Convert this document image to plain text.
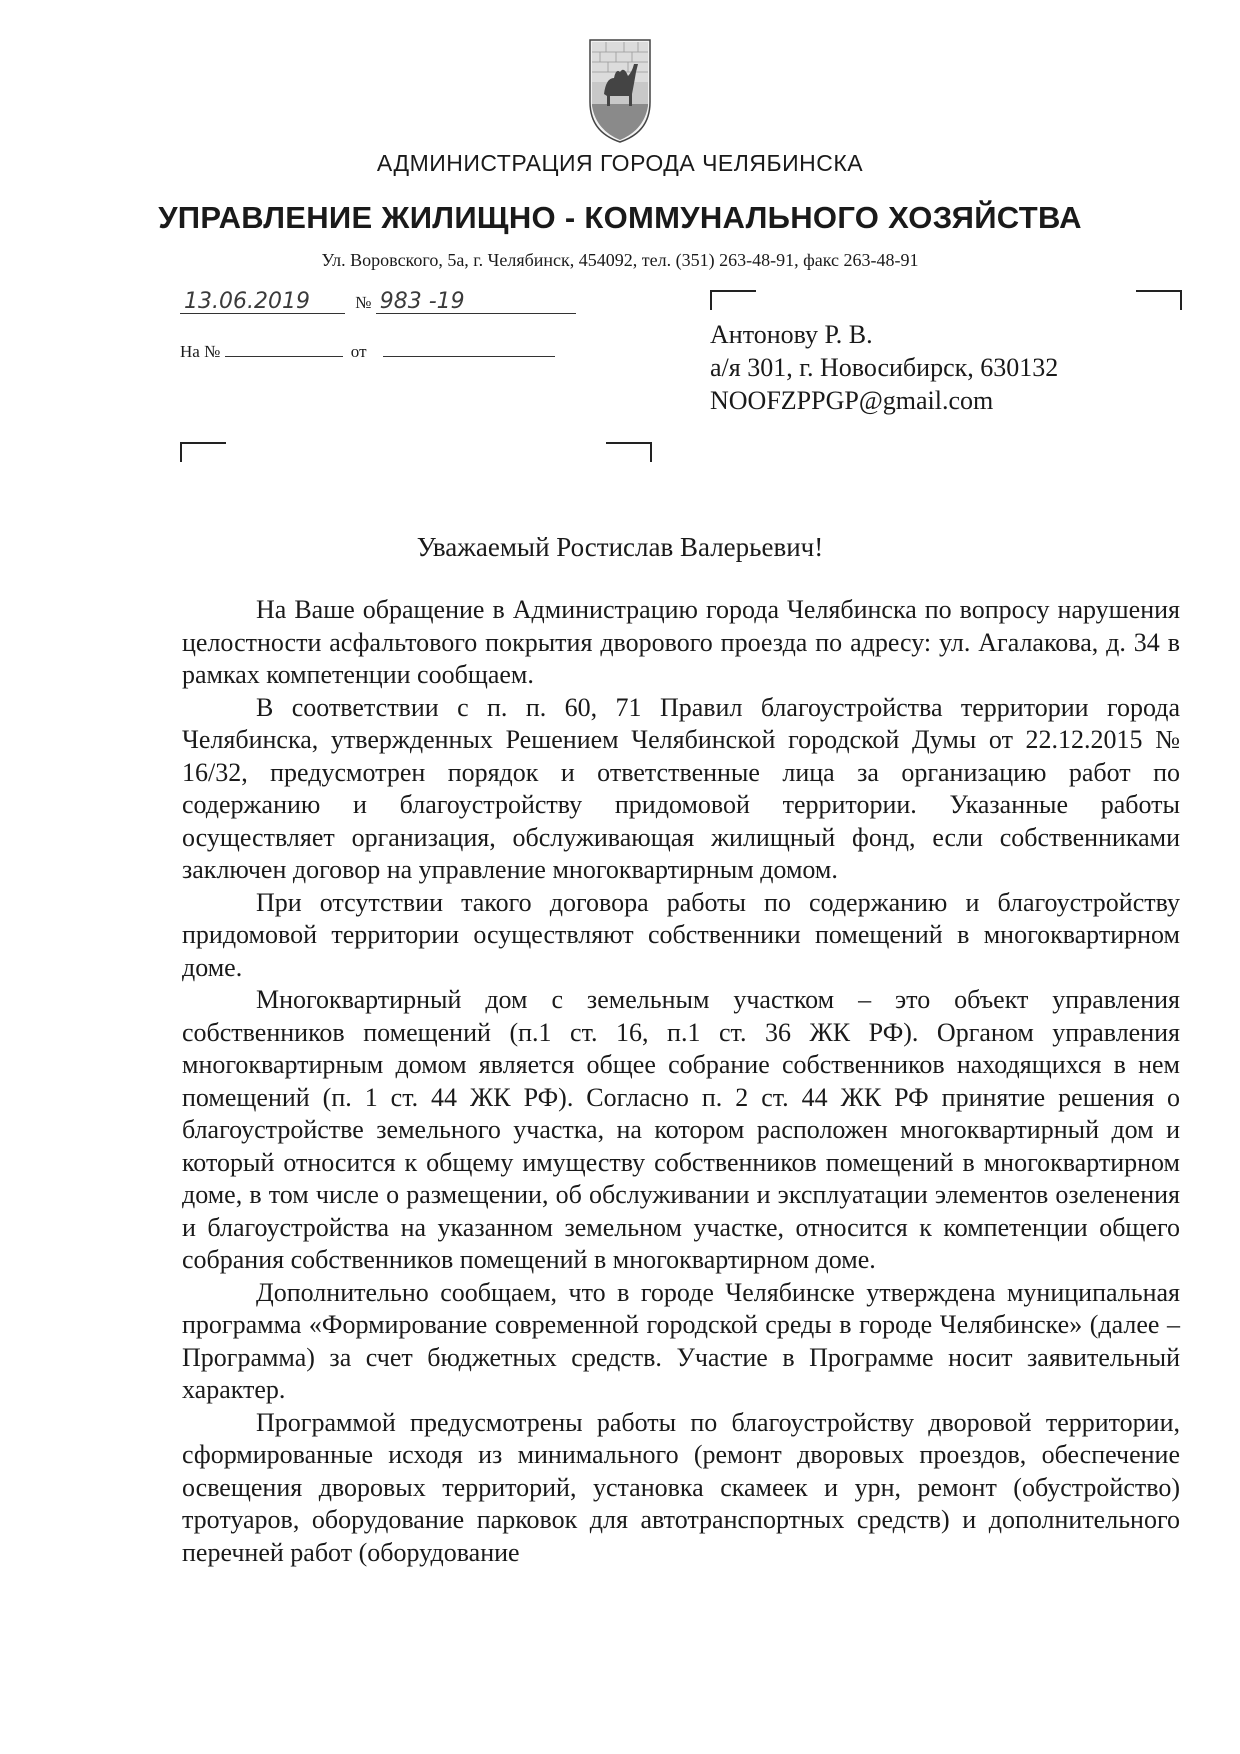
АДМИНИСТРАЦИЯ ГОРОДА ЧЕЛЯБИНСКА
УПРАВЛЕНИЕ ЖИЛИЩНО - КОММУНАЛЬНОГО ХОЗЯЙСТВА
Ул. Воровского, 5а, г. Челябинск, 454092, тел. (351) 263-48-91, факс 263-48-91
13.06.2019	№ 983 -19
На №	от
Антонову Р. В.
а/я 301, г. Новосибирск, 630132
NOOFZPPGP@gmail.com
Уважаемый Ростислав Валерьевич!

На Ваше обращение в Администрацию города Челябинска по вопросу нарушения целостности асфальтового покрытия дворового проезда по адресу: ул. Агалакова, д. 34 в рамках компетенции сообщаем.

В соответствии с п. п. 60, 71 Правил благоустройства территории города Челябинска, утвержденных Решением Челябинской городской Думы от 22.12.2015 № 16/32, предусмотрен порядок и ответственные лица за организацию работ по содержанию и благоустройству придомовой территории. Указанные работы осуществляет организация, обслуживающая жилищный фонд, если собственниками заключен договор на управление многоквартирным домом.

При отсутствии такого договора работы по содержанию и благоустройству придомовой территории осуществляют собственники помещений в многоквартирном доме.

Многоквартирный дом с земельным участком – это объект управления собственников помещений (п.1 ст. 16, п.1 ст. 36 ЖК РФ). Органом управления многоквартирным домом является общее собрание собственников находящихся в нем помещений (п. 1 ст. 44 ЖК РФ). Согласно п. 2 ст. 44 ЖК РФ принятие решения о благоустройстве земельного участка, на котором расположен многоквартирный дом и который относится к общему имуществу собственников помещений в многоквартирном доме, в том числе о размещении, об обслуживании и эксплуатации элементов озеленения и благоустройства на указанном земельном участке, относится к компетенции общего собрания собственников помещений в многоквартирном доме.

Дополнительно сообщаем, что в городе Челябинске утверждена муниципальная программа «Формирование современной городской среды в городе Челябинске» (далее – Программа) за счет бюджетных средств. Участие в Программе носит заявительный характер.

Программой предусмотрены работы по благоустройству дворовой территории, сформированные исходя из минимального (ремонт дворовых проездов, обеспечение освещения дворовых территорий, установка скамеек и урн, ремонт (обустройство) тротуаров, оборудование парковок для автотранспортных средств) и дополнительного перечней работ (оборудование
